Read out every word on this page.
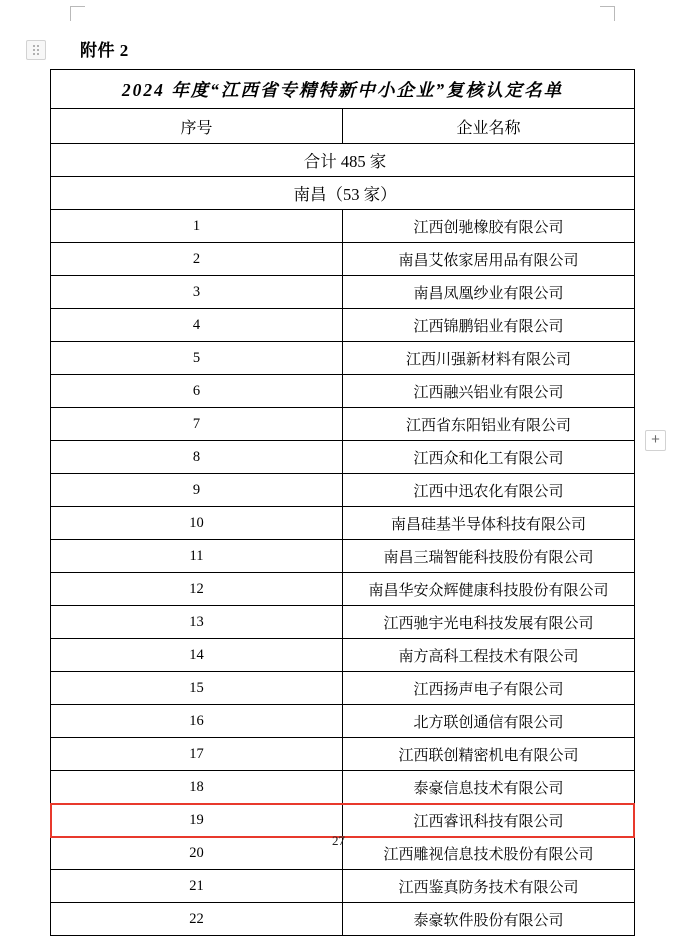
+
附件 2
2024 年度“江西省专精特新中小企业”复核认定名单	
序号	企业名称
合计 485 家	
南昌（53 家）	
1	江西创驰橡胶有限公司
2	南昌艾侬家居用品有限公司
3	南昌凤凰纱业有限公司
4	江西锦鹏铝业有限公司
5	江西川强新材料有限公司
6	江西融兴铝业有限公司
7	江西省东阳铝业有限公司
8	江西众和化工有限公司
9	江西中迅农化有限公司
10	南昌硅基半导体科技有限公司
11	南昌三瑞智能科技股份有限公司
12	南昌华安众辉健康科技股份有限公司
13	江西驰宇光电科技发展有限公司
14	南方高科工程技术有限公司
15	江西扬声电子有限公司
16	北方联创通信有限公司
17	江西联创精密机电有限公司
18	泰豪信息技术有限公司
19	江西睿讯科技有限公司
20	江西雕视信息技术股份有限公司
21	江西鉴真防务技术有限公司
22	泰豪软件股份有限公司
27
